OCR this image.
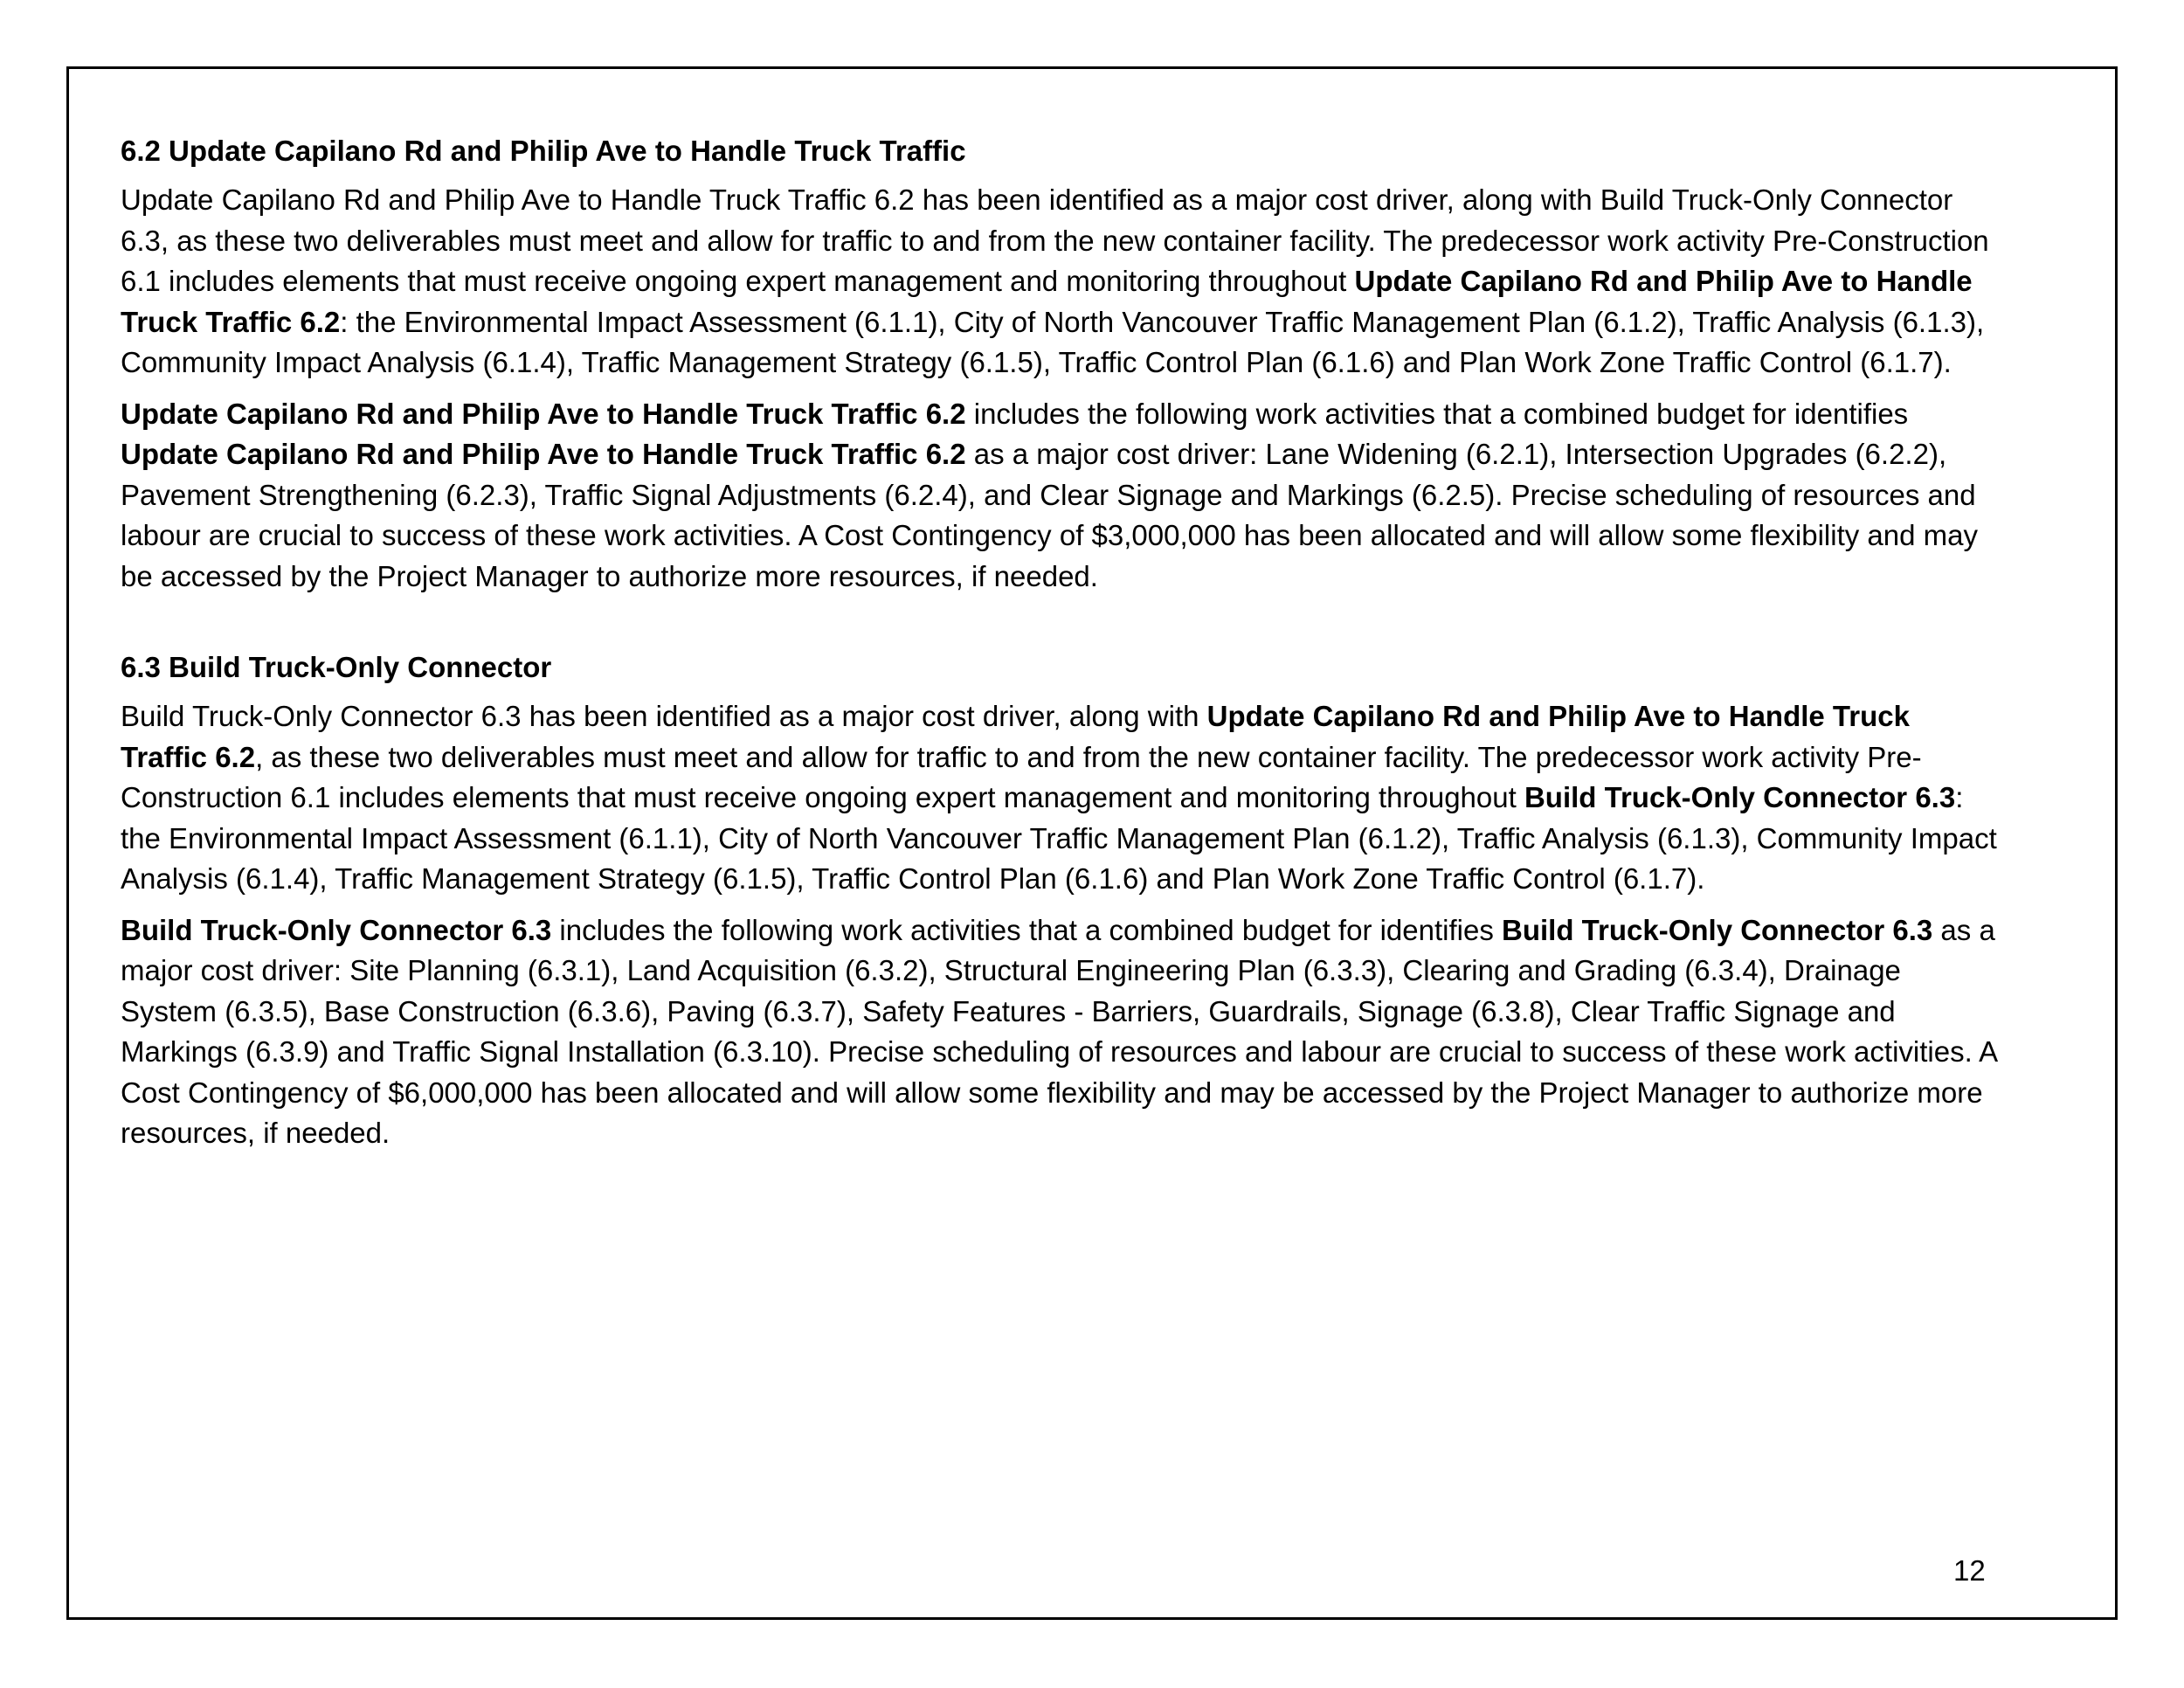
6.2 Update Capilano Rd and Philip Ave to Handle Truck Traffic

Update Capilano Rd and Philip Ave to Handle Truck Traffic 6.2 has been identified as a major cost driver, along with Build Truck-Only Connector 6.3, as these two deliverables must meet and allow for traffic to and from the new container facility. The predecessor work activity Pre-Construction 6.1 includes elements that must receive ongoing expert management and monitoring throughout Update Capilano Rd and Philip Ave to Handle Truck Traffic 6.2: the Environmental Impact Assessment (6.1.1), City of North Vancouver Traffic Management Plan (6.1.2), Traffic Analysis (6.1.3), Community Impact Analysis (6.1.4), Traffic Management Strategy (6.1.5), Traffic Control Plan (6.1.6) and Plan Work Zone Traffic Control (6.1.7).

Update Capilano Rd and Philip Ave to Handle Truck Traffic 6.2 includes the following work activities that a combined budget for identifies Update Capilano Rd and Philip Ave to Handle Truck Traffic 6.2 as a major cost driver: Lane Widening (6.2.1), Intersection Upgrades (6.2.2), Pavement Strengthening (6.2.3), Traffic Signal Adjustments (6.2.4), and Clear Signage and Markings (6.2.5). Precise scheduling of resources and labour are crucial to success of these work activities. A Cost Contingency of $3,000,000 has been allocated and will allow some flexibility and may be accessed by the Project Manager to authorize more resources, if needed.

6.3 Build Truck-Only Connector

Build Truck-Only Connector 6.3 has been identified as a major cost driver, along with Update Capilano Rd and Philip Ave to Handle Truck Traffic 6.2, as these two deliverables must meet and allow for traffic to and from the new container facility. The predecessor work activity Pre-Construction 6.1 includes elements that must receive ongoing expert management and monitoring throughout Build Truck-Only Connector 6.3: the Environmental Impact Assessment (6.1.1), City of North Vancouver Traffic Management Plan (6.1.2), Traffic Analysis (6.1.3), Community Impact Analysis (6.1.4), Traffic Management Strategy (6.1.5), Traffic Control Plan (6.1.6) and Plan Work Zone Traffic Control (6.1.7).

Build Truck-Only Connector 6.3 includes the following work activities that a combined budget for identifies Build Truck-Only Connector 6.3 as a major cost driver: Site Planning (6.3.1), Land Acquisition (6.3.2), Structural Engineering Plan (6.3.3), Clearing and Grading (6.3.4), Drainage System (6.3.5), Base Construction (6.3.6), Paving (6.3.7), Safety Features - Barriers, Guardrails, Signage (6.3.8), Clear Traffic Signage and Markings (6.3.9) and Traffic Signal Installation (6.3.10). Precise scheduling of resources and labour are crucial to success of these work activities. A Cost Contingency of $6,000,000 has been allocated and will allow some flexibility and may be accessed by the Project Manager to authorize more resources, if needed.

12
